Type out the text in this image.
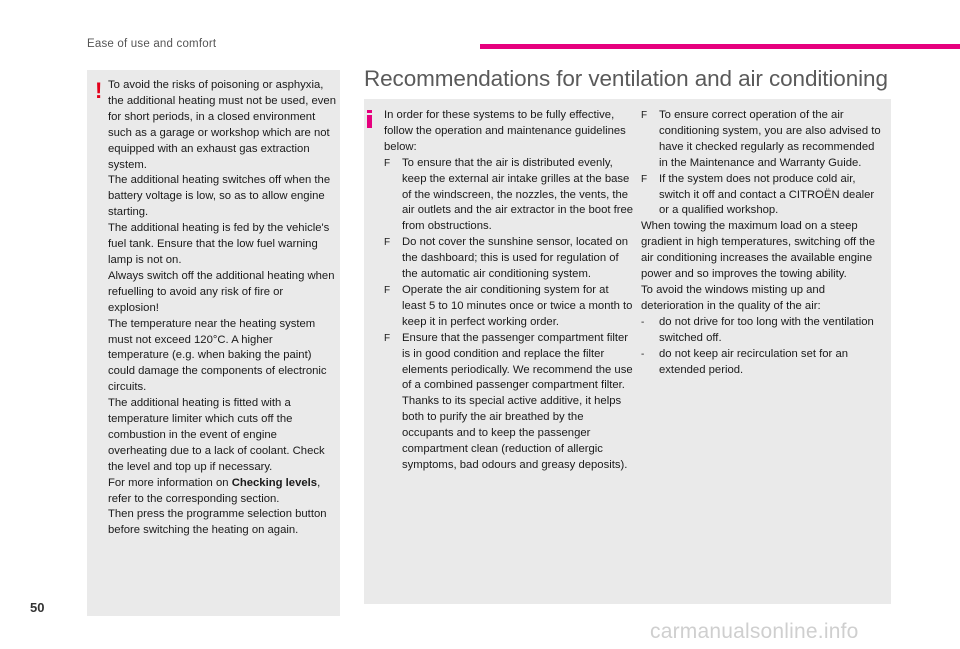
Ease of use and comfort
! To avoid the risks of poisoning or asphyxia, the additional heating must not be used, even for short periods, in a closed environment such as a garage or workshop which are not equipped with an exhaust gas extraction system.

The additional heating switches off when the battery voltage is low, so as to allow engine starting.

The additional heating is fed by the vehicle's fuel tank. Ensure that the low fuel warning lamp is not on.

Always switch off the additional heating when refuelling to avoid any risk of fire or explosion!

The temperature near the heating system must not exceed 120°C. A higher temperature (e.g. when baking the paint) could damage the components of electronic circuits.

The additional heating is fitted with a temperature limiter which cuts off the combustion in the event of engine overheating due to a lack of coolant. Check the level and top up if necessary.

For more information on Checking levels, refer to the corresponding section.

Then press the programme selection button before switching the heating on again.

Recommendations for ventilation and air conditioning

In order for these systems to be fully effective, follow the operation and maintenance guidelines below:

F	To ensure that the air is distributed evenly, keep the external air intake grilles at the base of the windscreen, the nozzles, the vents, the air outlets and the air extractor in the boot free from obstructions.
F	Do not cover the sunshine sensor, located on the dashboard; this is used for regulation of the automatic air conditioning system.
F	Operate the air conditioning system for at least 5 to 10 minutes once or twice a month to keep it in perfect working order.
F	Ensure that the passenger compartment filter is in good condition and replace the filter elements periodically. We recommend the use of a combined passenger compartment filter. Thanks to its special active additive, it helps both to purify the air breathed by the occupants and to keep the passenger compartment clean (reduction of allergic symptoms, bad odours and greasy deposits).
F	To ensure correct operation of the air conditioning system, you are also advised to have it checked regularly as recommended in the Maintenance and Warranty Guide.
F	If the system does not produce cold air, switch it off and contact a CITROËN dealer or a qualified workshop.

When towing the maximum load on a steep gradient in high temperatures, switching off the air conditioning increases the available engine power and so improves the towing ability.

To avoid the windows misting up and deterioration in the quality of the air:

-	do not drive for too long with the ventilation switched off.
-	do not keep air recirculation set for an extended period.
50
carmanualsonline.info
